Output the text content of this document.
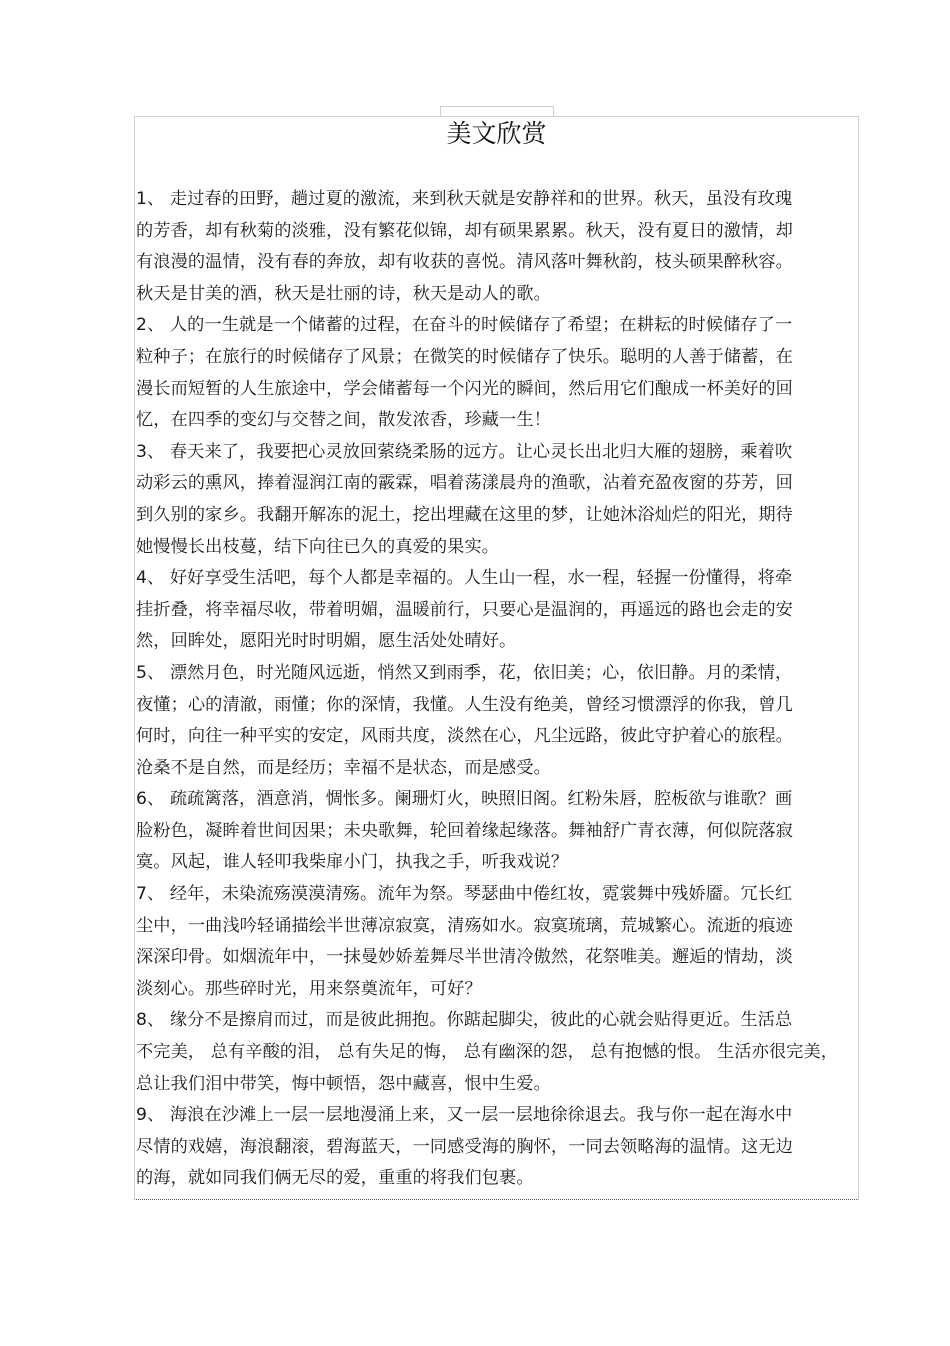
美文欣赏
1、 走过春的田野，趟过夏的激流，来到秋天就是安静祥和的世界。秋天，虽没有玫瑰
的芳香，却有秋菊的淡雅，没有繁花似锦，却有硕果累累。秋天，没有夏日的激情，却
有浪漫的温情，没有春的奔放，却有收获的喜悦。清风落叶舞秋韵，枝头硕果醉秋容。
秋天是甘美的酒，秋天是壮丽的诗，秋天是动人的歌。
2、 人的一生就是一个储蓄的过程，在奋斗的时候储存了希望；在耕耘的时候储存了一
粒种子；在旅行的时候储存了风景；在微笑的时候储存了快乐。聪明的人善于储蓄，在
漫长而短暂的人生旅途中，学会储蓄每一个闪光的瞬间，然后用它们酿成一杯美好的回
忆，在四季的变幻与交替之间，散发浓香，珍藏一生！
3、 春天来了，我要把心灵放回萦绕柔肠的远方。让心灵长出北归大雁的翅膀，乘着吹
动彩云的熏风，捧着湿润江南的霰霖，唱着荡漾晨舟的渔歌，沾着充盈夜窗的芬芳，回
到久别的家乡。我翻开解冻的泥土，挖出埋藏在这里的梦，让她沐浴灿烂的阳光，期待
她慢慢长出枝蔓，结下向往已久的真爱的果实。
4、 好好享受生活吧，每个人都是幸福的。人生山一程，水一程，轻握一份懂得，将牵
挂折叠，将幸福尽收，带着明媚，温暖前行，只要心是温润的，再遥远的路也会走的安
然，回眸处，愿阳光时时明媚，愿生活处处晴好。
5、 漂然月色，时光随风远逝，悄然又到雨季，花，依旧美；心，依旧静。月的柔情，
夜懂；心的清澈，雨懂；你的深情，我懂。人生没有绝美，曾经习惯漂浮的你我，曾几
何时，向往一种平实的安定，风雨共度，淡然在心，凡尘远路，彼此守护着心的旅程。
沧桑不是自然，而是经历；幸福不是状态，而是感受。
6、 疏疏篱落，酒意消，惆怅多。阑珊灯火，映照旧阁。红粉朱唇，腔板欲与谁歌？画
脸粉色，凝眸着世间因果；未央歌舞，轮回着缘起缘落。舞袖舒广青衣薄，何似院落寂
寞。风起，谁人轻叩我柴扉小门，执我之手，听我戏说？
7、 经年，未染流殇漠漠清殇。流年为祭。琴瑟曲中倦红妆，霓裳舞中残娇靥。冗长红
尘中，一曲浅吟轻诵描绘半世薄凉寂寞，清殇如水。寂寞琉璃，荒城繁心。流逝的痕迹
深深印骨。如烟流年中，一抹曼妙娇羞舞尽半世清冷傲然，花祭唯美。邂逅的情劫，淡
淡刻心。那些碎时光，用来祭奠流年，可好？
8、 缘分不是擦肩而过，而是彼此拥抱。你踮起脚尖，彼此的心就会贴得更近。生活总
不完美， 总有辛酸的泪， 总有失足的悔， 总有幽深的怨， 总有抱憾的恨。 生活亦很完美，
总让我们泪中带笑，悔中顿悟，怨中藏喜，恨中生爱。
9、 海浪在沙滩上一层一层地漫涌上来，又一层一层地徐徐退去。我与你一起在海水中
尽情的戏嬉，海浪翻滚，碧海蓝天，一同感受海的胸怀，一同去领略海的温情。这无边
的海，就如同我们俩无尽的爱，重重的将我们包裹。
